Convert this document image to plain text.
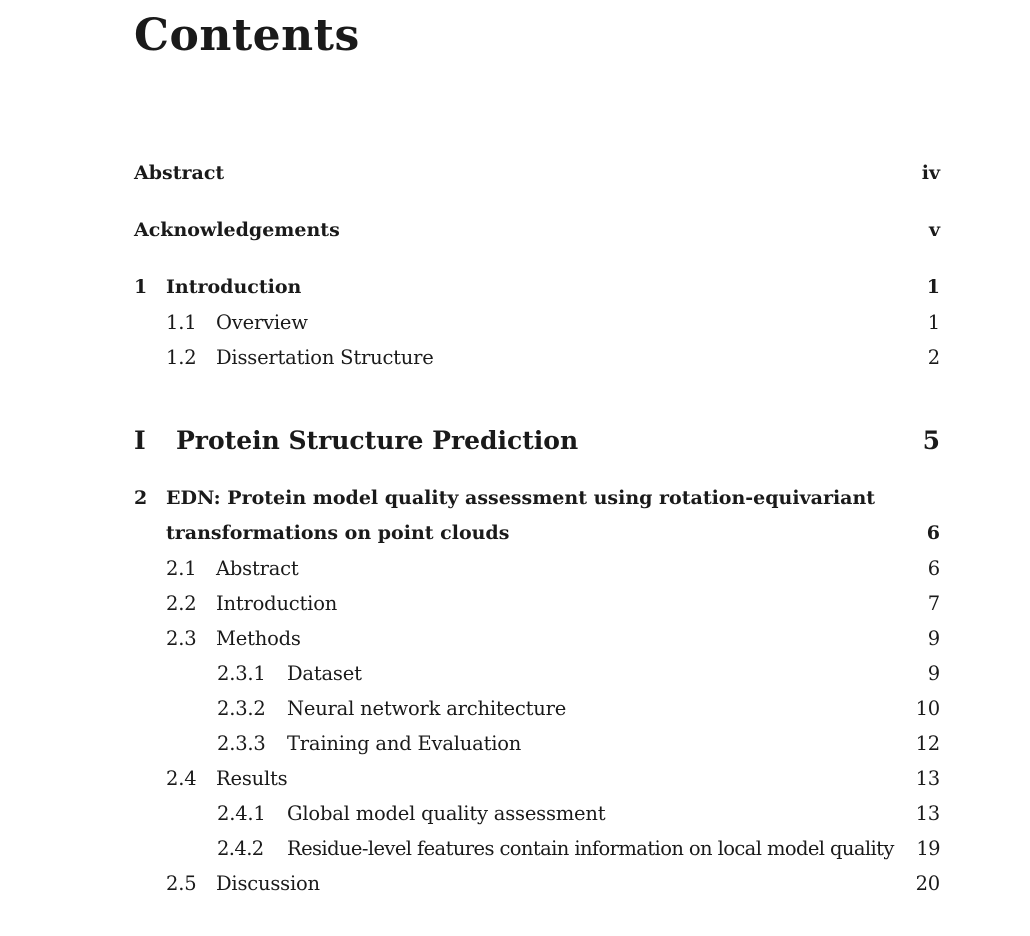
Contents
Abstract	iv
Acknowledgements	v
1 Introduction	1
1.1	Overview	1
1.2	Dissertation Structure	2
I	Protein Structure Prediction	5
2 EDN: Protein model quality assessment using rotation-equivariant
transformations on point clouds	6
2.1	Abstract	6
2.2	Introduction	7
2.3	Methods	9
2.3.1	Dataset	9
2.3.2	Neural network architecture	10
2.3.3	Training and Evaluation	12
2.4	Results	13
2.4.1	Global model quality assessment	13
2.4.2	Residue-level features contain information on local model quality 19
2.5	Discussion	20
